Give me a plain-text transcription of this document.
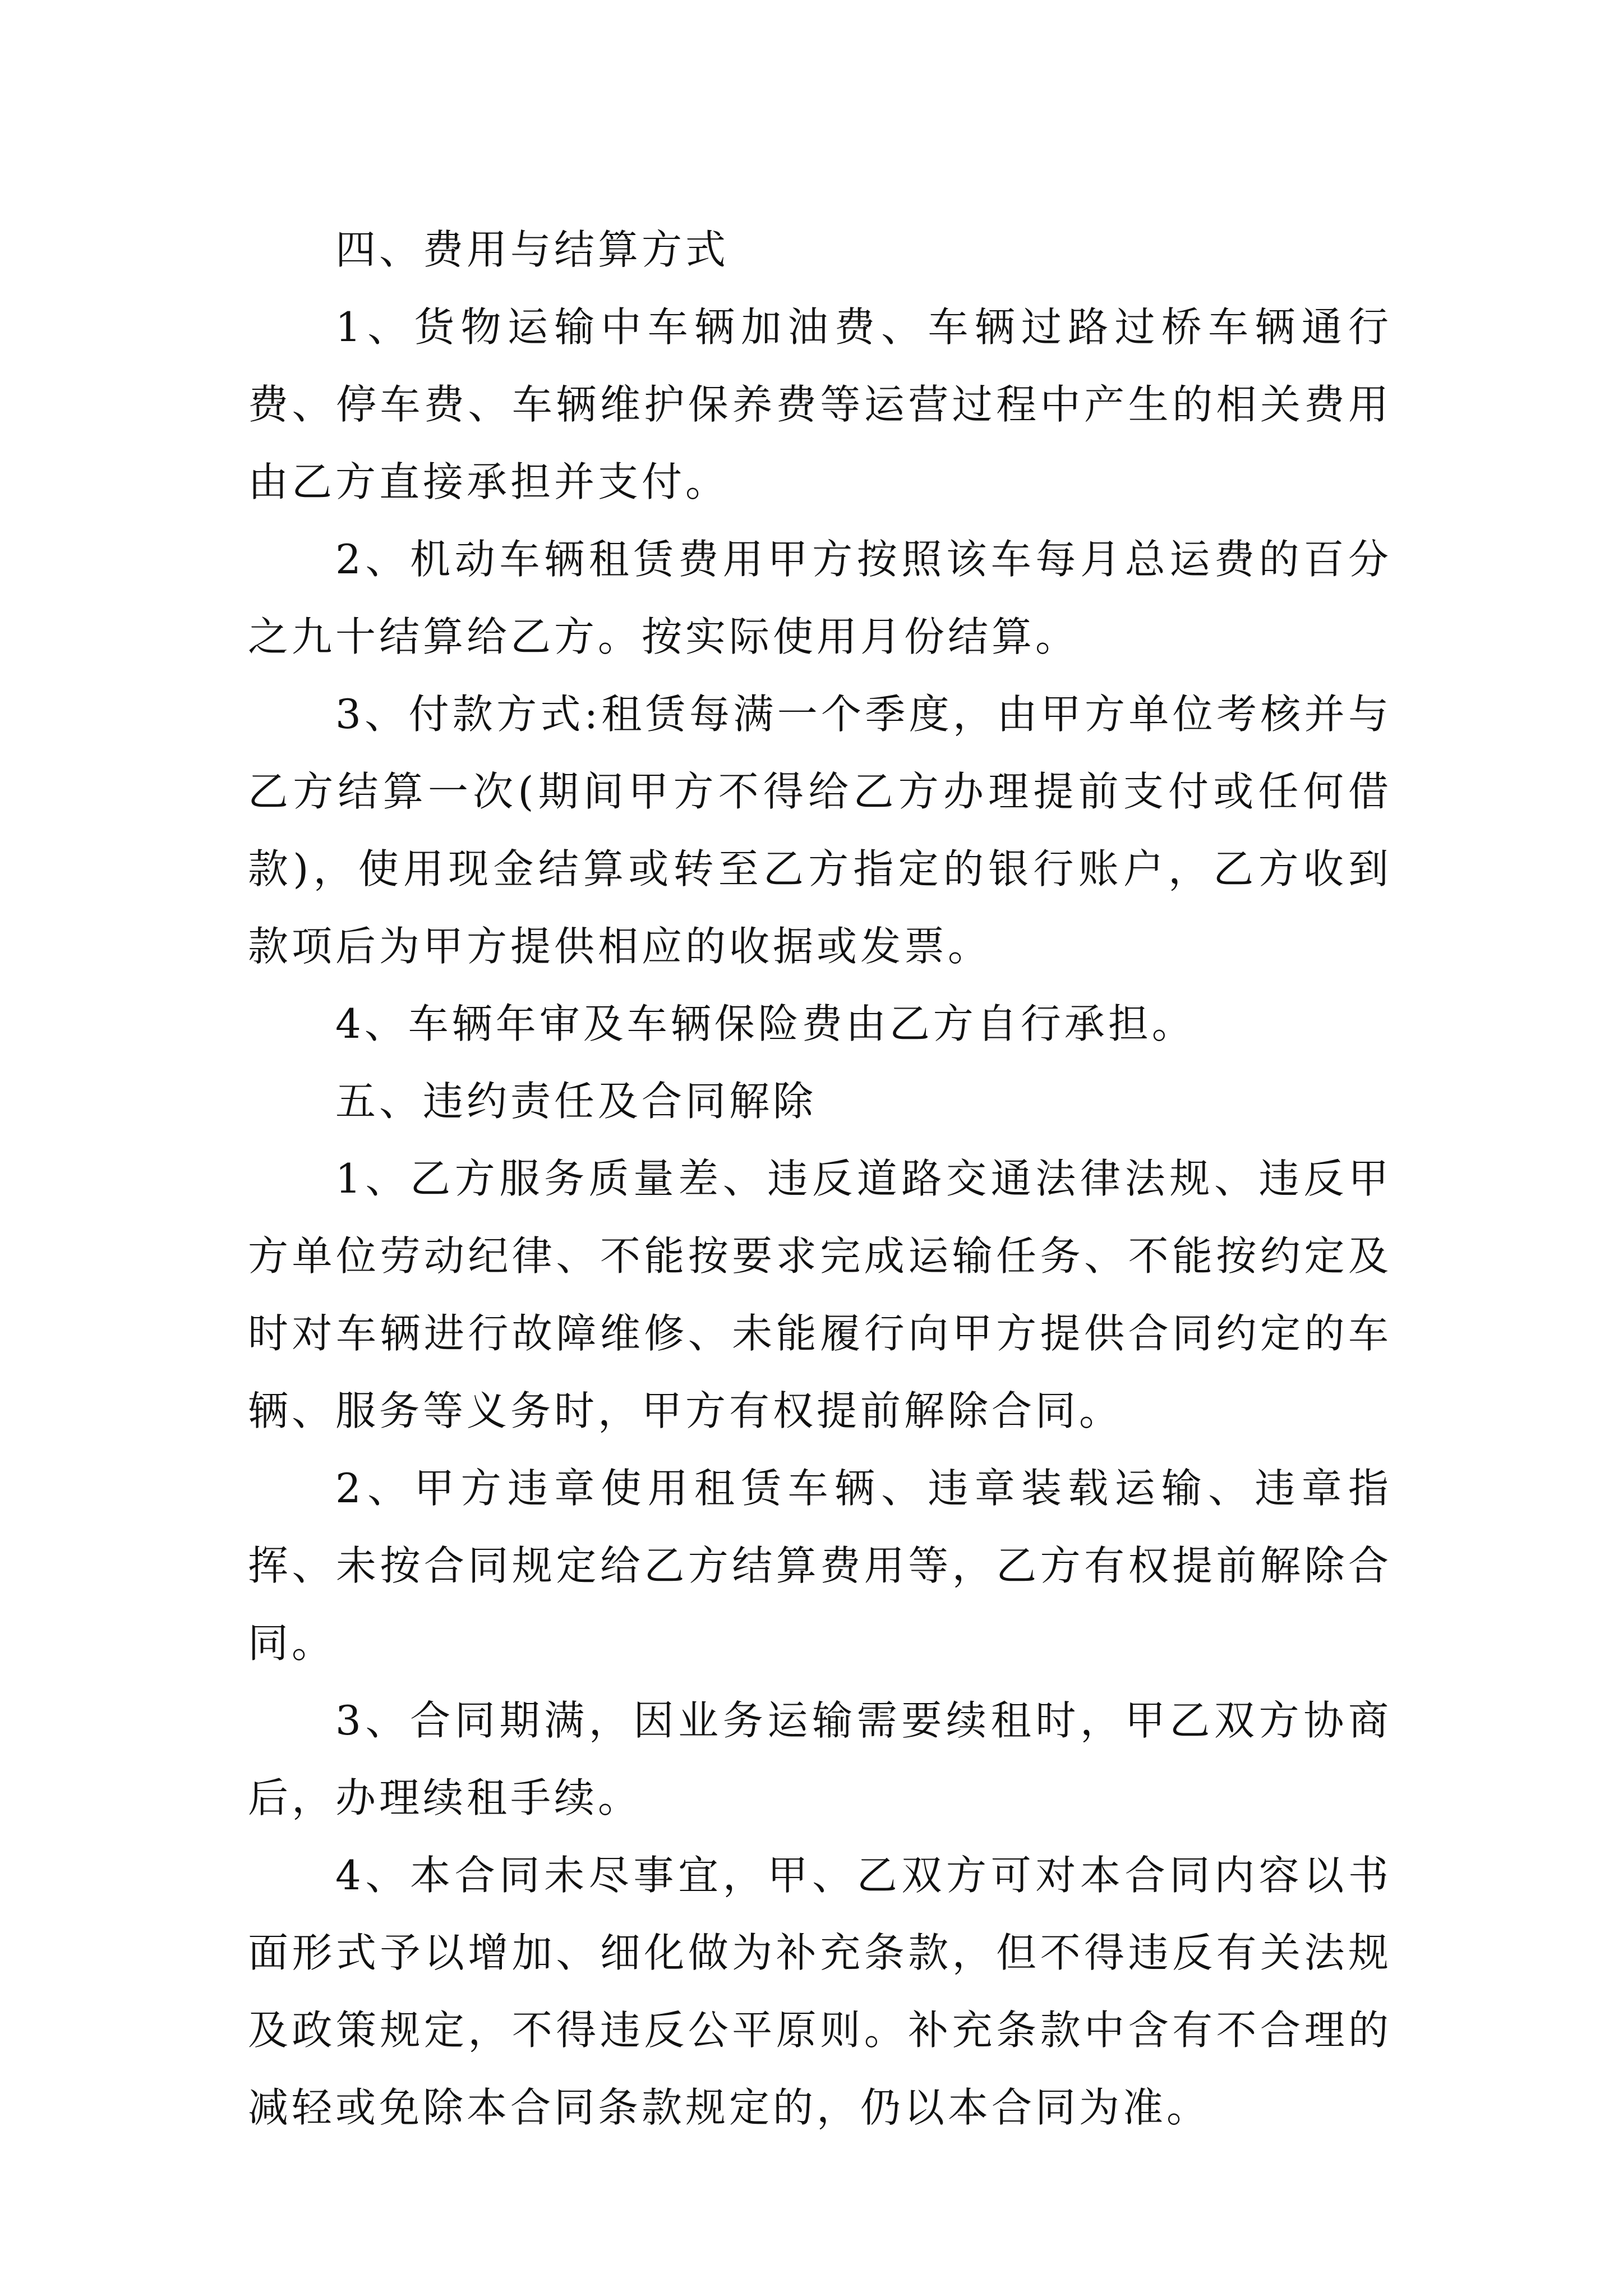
四、费用与结算方式

1、货物运输中车辆加油费、车辆过路过桥车辆通行费、停车费、车辆维护保养费等运营过程中产生的相关费用由乙方直接承担并支付。

2、机动车辆租赁费用甲方按照该车每月总运费的百分之九十结算给乙方。按实际使用月份结算。

3、付款方式:租赁每满一个季度，由甲方单位考核并与乙方结算一次(期间甲方不得给乙方办理提前支付或任何借款)，使用现金结算或转至乙方指定的银行账户，乙方收到款项后为甲方提供相应的收据或发票。

4、车辆年审及车辆保险费由乙方自行承担。

五、违约责任及合同解除

1、乙方服务质量差、违反道路交通法律法规、违反甲方单位劳动纪律、不能按要求完成运输任务、不能按约定及时对车辆进行故障维修、未能履行向甲方提供合同约定的车辆、服务等义务时，甲方有权提前解除合同。

2、甲方违章使用租赁车辆、违章装载运输、违章指挥、未按合同规定给乙方结算费用等，乙方有权提前解除合同。

3、合同期满，因业务运输需要续租时，甲乙双方协商后，办理续租手续。

4、本合同未尽事宜，甲、乙双方可对本合同内容以书面形式予以增加、细化做为补充条款，但不得违反有关法规及政策规定，不得违反公平原则。补充条款中含有不合理的减轻或免除本合同条款规定的，仍以本合同为准。
